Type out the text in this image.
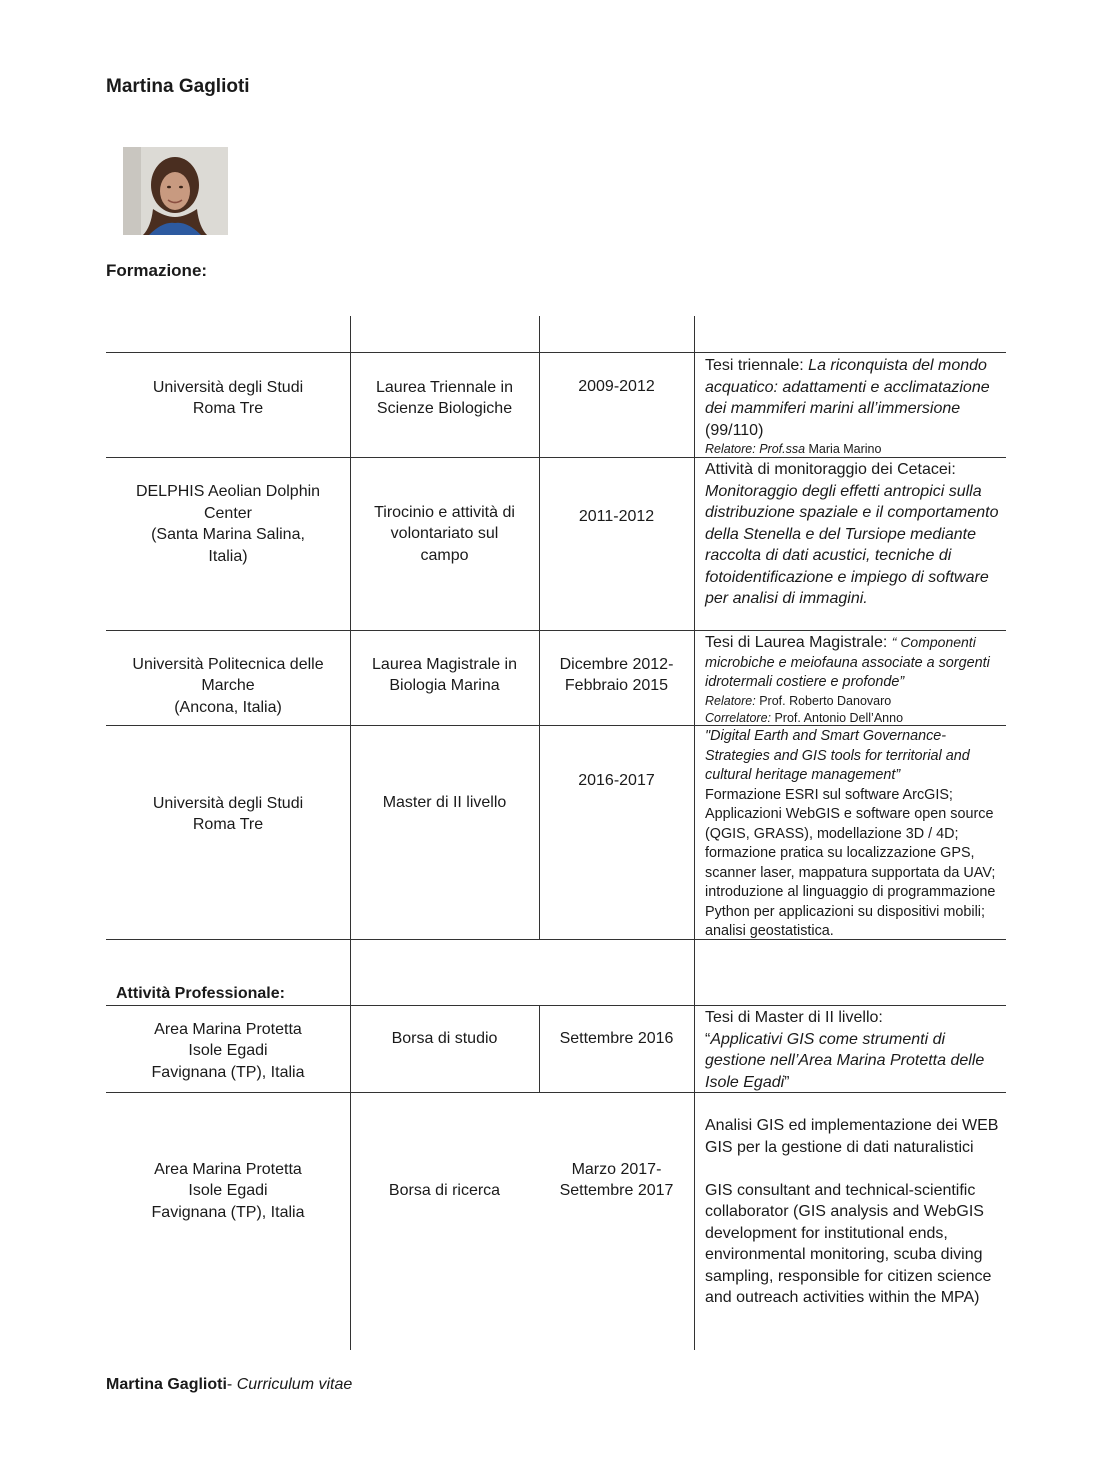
Martina Gaglioti
Formazione:
Università degli Studi
Roma Tre
Laurea Triennale in
Scienze Biologiche
2009-2012
Tesi triennale: La riconquista del mondo acquatico: adattamenti e acclimatazione dei mammiferi marini all’immersione (99/110)
Relatore: Prof.ssa Maria Marino
DELPHIS Aeolian Dolphin
Center
(Santa Marina Salina,
Italia)
Tirocinio e attività di
volontariato sul
campo
2011-2012
Attività di monitoraggio dei Cetacei:
Monitoraggio degli effetti antropici sulla distribuzione spaziale e il comportamento della Stenella e del Tursiope mediante raccolta di dati acustici, tecniche di fotoidentificazione e impiego di software per analisi di immagini.
Università Politecnica delle
Marche
(Ancona, Italia)
Laurea Magistrale in
Biologia Marina
Dicembre 2012-
Febbraio 2015
Tesi di Laurea Magistrale: “ Componenti
microbiche e meiofauna associate a sorgenti idrotermali costiere e profonde”
Relatore: Prof. Roberto Danovaro
Correlatore: Prof. Antonio Dell’Anno
Università degli Studi
Roma Tre
Master di II livello
2016-2017
"Digital Earth and Smart Governance- Strategies and GIS tools for territorial and cultural heritage management”
Formazione ESRI sul software ArcGIS; Applicazioni WebGIS e software open source (QGIS, GRASS), modellazione 3D / 4D; formazione pratica su localizzazione GPS, scanner laser, mappatura supportata da UAV; introduzione al linguaggio di programmazione Python per applicazioni su dispositivi mobili; analisi geostatistica.
Attività Professionale:
Area Marina Protetta
Isole Egadi
Favignana (TP), Italia
Borsa di studio	Settembre 2016
Tesi di Master di II livello:
“Applicativi GIS come strumenti di gestione nell’Area Marina Protetta delle Isole Egadi”
Area Marina Protetta
Isole Egadi
Favignana (TP), Italia
Borsa di ricerca
Marzo 2017-
Settembre 2017
Analisi GIS ed implementazione dei WEB GIS per la gestione di dati naturalistici
GIS consultant and technical-scientific collaborator (GIS analysis and WebGIS development for institutional ends, environmental monitoring, scuba diving sampling, responsible for citizen science and outreach activities within the MPA)
Martina Gaglioti- Curriculum vitae
